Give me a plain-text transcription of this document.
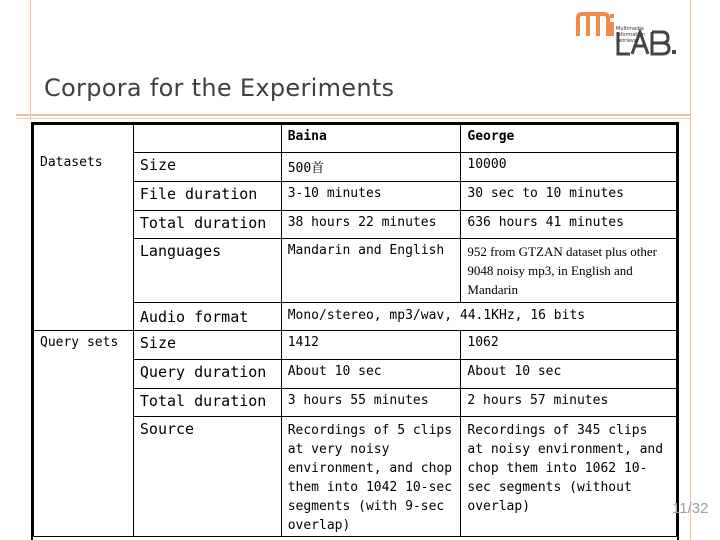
Multimedia
Information
Retrieval
Corpora for the Experiments
		Baina	George
Datasets	Size	500首	10000
	File duration	3-10 minutes	30 sec to 10 minutes
	Total duration	38 hours 22 minutes	636 hours 41 minutes
	Languages	Mandarin and English	952 from GTZAN dataset plus other 9048 noisy mp3, in English and Mandarin
	Audio format	Mono/stereo, mp3/wav, 44.1KHz, 16 bits	
Query sets	Size	1412	1062
	Query duration	About 10 sec	About 10 sec
	Total duration	3 hours 55 minutes	2 hours 57 minutes
	Source	Recordings of 5 clips at very noisy environment, and chop them into 1042 10-sec segments (with 9-sec overlap)	Recordings of 345 clips at noisy environment, and chop them into 1062 10-sec segments (without overlap)	11/32
